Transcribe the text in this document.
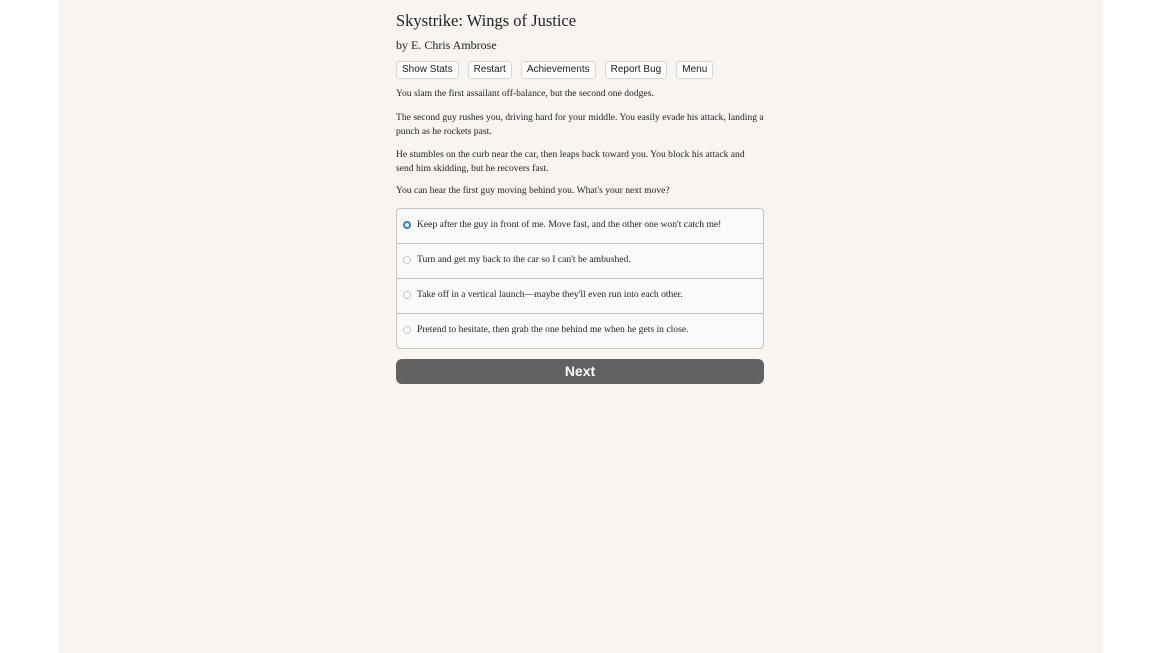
Skystrike: Wings of Justice
by E. Chris Ambrose
Show Stats	Restart	Achievements	Report Bug	Menu
You slam the first assailant off-balance, but the second one dodges.
The second guy rushes you, driving hard for your middle. You easily evade his attack, landing a punch as he rockets past.
He stumbles on the curb near the car, then leaps back toward you. You block his attack and send him skidding, but he recovers fast.
You can hear the first guy moving behind you. What's your next move?
Keep after the guy in front of me. Move fast, and the other one won't catch me!
Turn and get my back to the car so I can't be ambushed.
Take off in a vertical launch—maybe they'll even run into each other.
Pretend to hesitate, then grab the one behind me when he gets in close.
Next
